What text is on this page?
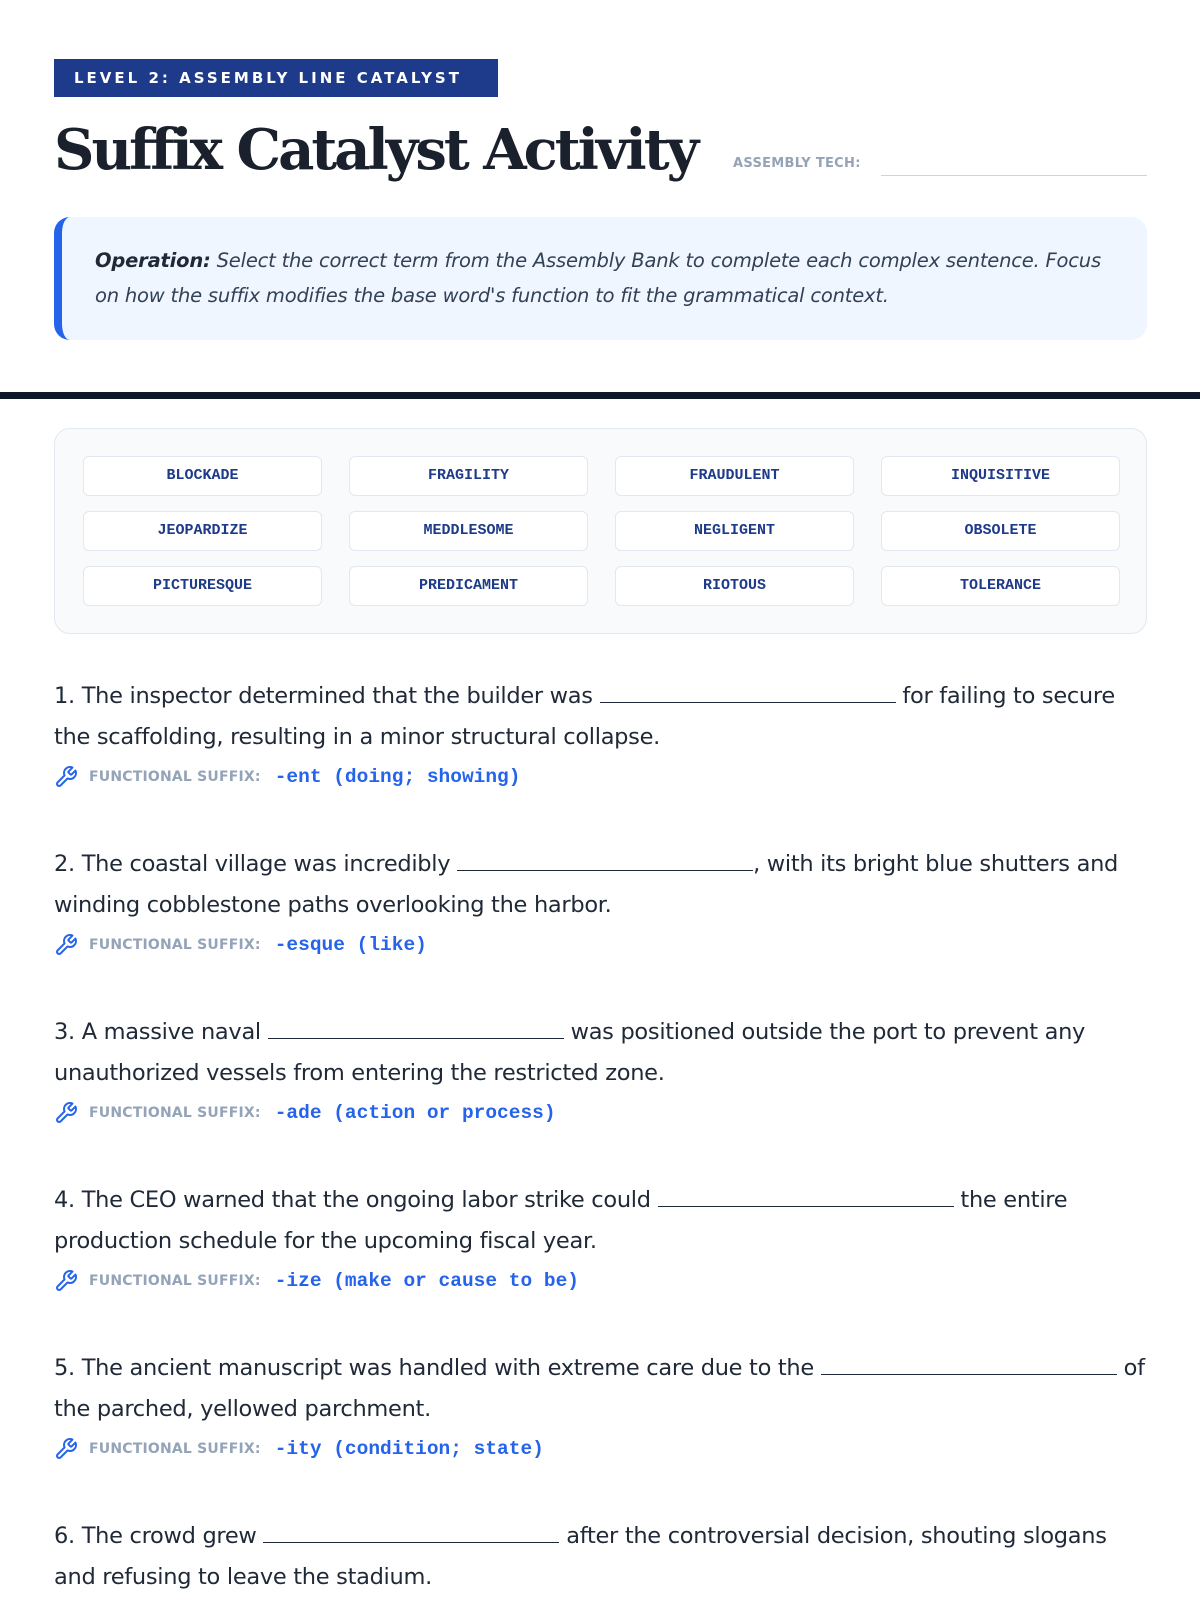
LEVEL 2: ASSEMBLY LINE CATALYST
Suffix Catalyst Activity	ASSEMBLY TECH:
Operation: Select the correct term from the Assembly Bank to complete each complex sentence. Focus on how the suffix modifies the base word's function to fit the grammatical context.
BLOCKADE	FRAGILITY	FRAUDULENT	INQUISITIVE
JEOPARDIZE	MEDDLESOME	NEGLIGENT	OBSOLETE
PICTURESQUE	PREDICAMENT	RIOTOUS	TOLERANCE
1. The inspector determined that the builder was	for failing to secure the scaffolding, resulting in a minor structural collapse.
FUNCTIONAL SUFFIX: -ent (doing; showing)
2. The coastal village was incredibly	, with its bright blue shutters and winding cobblestone paths overlooking the harbor.
FUNCTIONAL SUFFIX: -esque (like)
3. A massive naval	was positioned outside the port to prevent any unauthorized vessels from entering the restricted zone.
FUNCTIONAL SUFFIX: -ade (action or process)
4. The CEO warned that the ongoing labor strike could	the entire production schedule for the upcoming fiscal year.
FUNCTIONAL SUFFIX: -ize (make or cause to be)
5. The ancient manuscript was handled with extreme care due to the	of the parched, yellowed parchment.
FUNCTIONAL SUFFIX: -ity (condition; state)
6. The crowd grew	after the controversial decision, shouting slogans and refusing to leave the stadium.
